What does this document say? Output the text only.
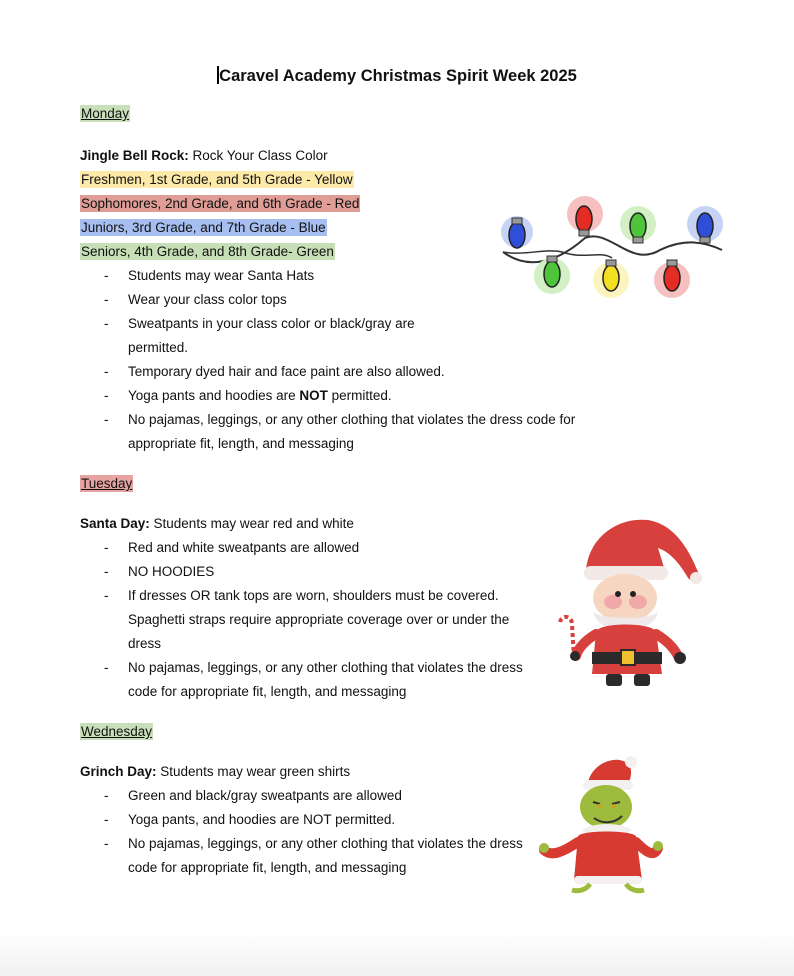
Caravel Academy Christmas Spirit Week 2025
Monday
Jingle Bell Rock: Rock Your Class Color
Freshmen, 1st Grade, and 5th Grade - Yellow
Sophomores, 2nd Grade, and 6th Grade - Red
Juniors, 3rd Grade, and 7th Grade - Blue
Seniors, 4th Grade, and 8th Grade- Green
- Students may wear Santa Hats
- Wear your class color tops
- Sweatpants in your class color or black/gray are permitted.
- Temporary dyed hair and face paint are also allowed.
- Yoga pants and hoodies are NOT permitted.
- No pajamas, leggings, or any other clothing that violates the dress code for appropriate fit, length, and messaging
Tuesday
Santa Day: Students may wear red and white
- Red and white sweatpants are allowed
- NO HOODIES
- If dresses OR tank tops are worn, shoulders must be covered. Spaghetti straps require appropriate coverage over or under the dress
- No pajamas, leggings, or any other clothing that violates the dress code for appropriate fit, length, and messaging
Wednesday
Grinch Day: Students may wear green shirts
- Green and black/gray sweatpants are allowed
- Yoga pants, and hoodies are NOT permitted.
- No pajamas, leggings, or any other clothing that violates the dress code for appropriate fit, length, and messaging
